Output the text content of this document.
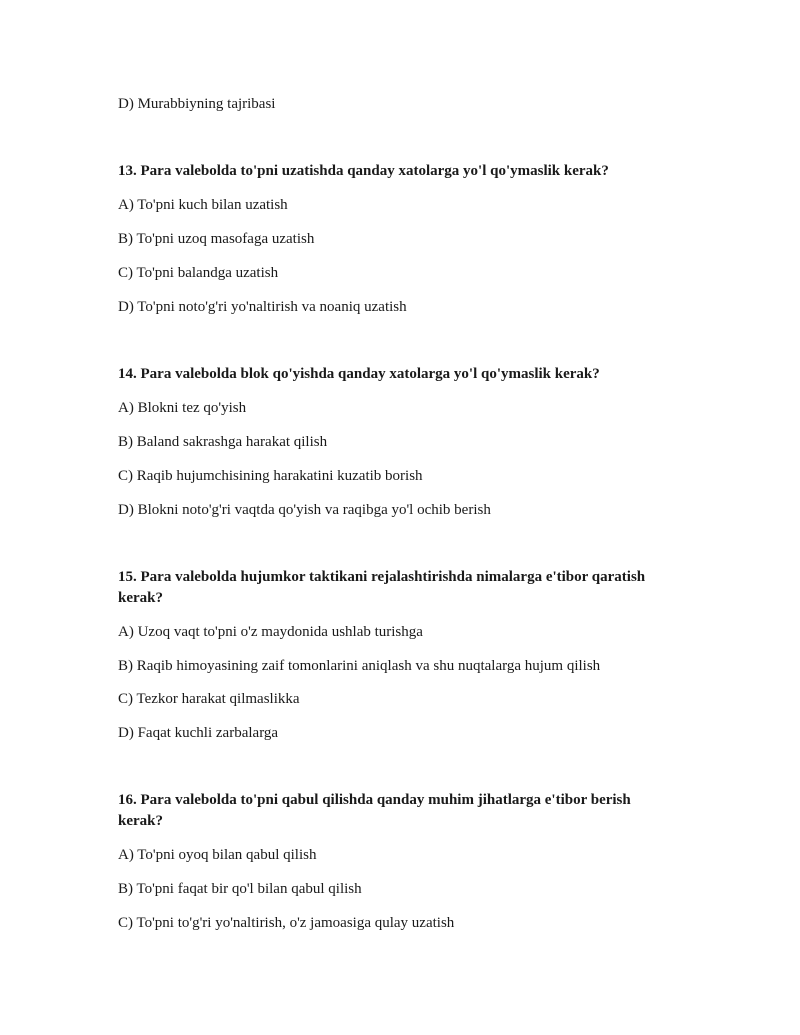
D) Murabbiyning tajribasi
13. Para valebolda to'pni uzatishda qanday xatolarga yo'l qo'ymaslik kerak?
A) To'pni kuch bilan uzatish
B) To'pni uzoq masofaga uzatish
C) To'pni balandga uzatish
D) To'pni noto'g'ri yo'naltirish va noaniq uzatish
14. Para valebolda blok qo'yishda qanday xatolarga yo'l qo'ymaslik kerak?
A) Blokni tez qo'yish
B) Baland sakrashga harakat qilish
C) Raqib hujumchisining harakatini kuzatib borish
D) Blokni noto'g'ri vaqtda qo'yish va raqibga yo'l ochib berish
15. Para valebolda hujumkor taktikani rejalashtirishda nimalarga e'tibor qaratish kerak?
A) Uzoq vaqt to'pni o'z maydonida ushlab turishga
B) Raqib himoyasining zaif tomonlarini aniqlash va shu nuqtalarga hujum qilish
C) Tezkor harakat qilmaslikka
D) Faqat kuchli zarbalarga
16. Para valebolda to'pni qabul qilishda qanday muhim jihatlarga e'tibor berish kerak?
A) To'pni oyoq bilan qabul qilish
B) To'pni faqat bir qo'l bilan qabul qilish
C) To'pni to'g'ri yo'naltirish, o'z jamoasiga qulay uzatish
